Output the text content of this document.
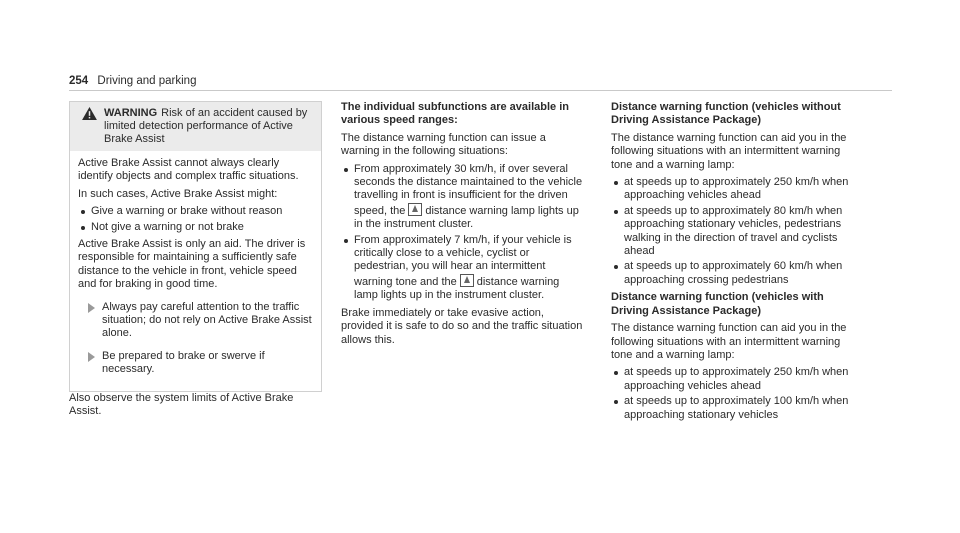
254 Driving and parking
WARNING Risk of an accident caused by limited detection performance of Active Brake Assist

Active Brake Assist cannot always clearly identify objects and complex traffic situations.

In such cases, Active Brake Assist might:

Give a warning or brake without reason
Not give a warning or not brake

Active Brake Assist is only an aid. The driver is responsible for maintaining a sufficiently safe distance to the vehicle in front, vehicle speed and for braking in good time.

Always pay careful attention to the traffic situation; do not rely on Active Brake Assist alone.
Be prepared to brake or swerve if necessary.

Also observe the system limits of Active Brake Assist.

The individual subfunctions are available in various speed ranges:

The distance warning function can issue a warning in the following situations:

From approximately 30 km/h, if over several seconds the distance maintained to the vehicle travelling in front is insufficient for the driven speed, the distance warning lamp lights up in the instrument cluster.
From approximately 7 km/h, if your vehicle is critically close to a vehicle, cyclist or pedestrian, you will hear an intermittent warning tone and the distance warning lamp lights up in the instrument cluster.

Brake immediately or take evasive action, provided it is safe to do so and the traffic situation allows this.

Distance warning function (vehicles without Driving Assistance Package)

The distance warning function can aid you in the following situations with an intermittent warning tone and a warning lamp:

at speeds up to approximately 250 km/h when approaching vehicles ahead
at speeds up to approximately 80 km/h when approaching stationary vehicles, pedestrians walking in the direction of travel and cyclists ahead
at speeds up to approximately 60 km/h when approaching crossing pedestrians

Distance warning function (vehicles with Driving Assistance Package)

The distance warning function can aid you in the following situations with an intermittent warning tone and a warning lamp:

at speeds up to approximately 250 km/h when approaching vehicles ahead
at speeds up to approximately 100 km/h when approaching stationary vehicles
